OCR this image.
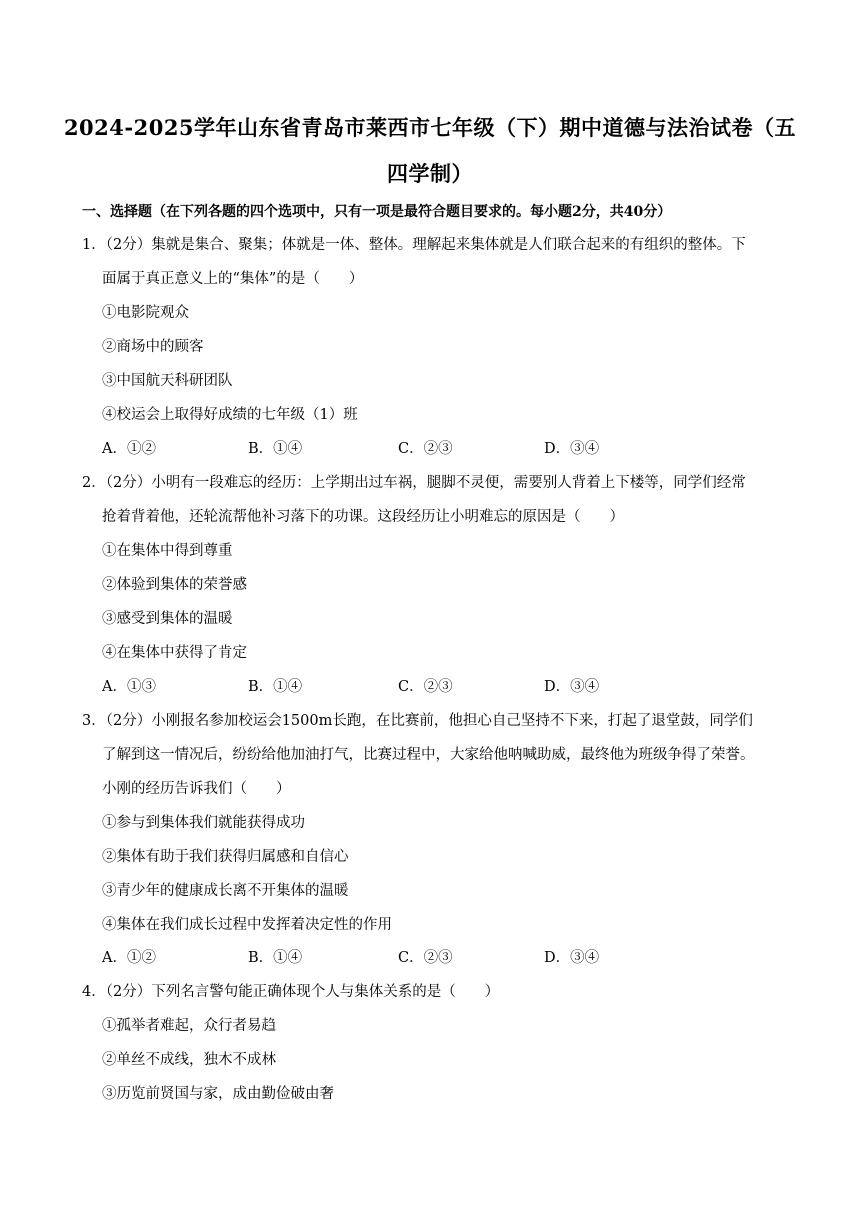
2024-2025学年山东省青岛市莱西市七年级（下）期中道德与法治试卷（五
四学制）
一、选择题（在下列各题的四个选项中，只有一项是最符合题目要求的。每小题2分，共40分）
1．（2分）集就是集合、聚集；体就是一体、整体。理解起来集体就是人们联合起来的有组织的整体。下
面属于真正意义上的“集体”的是（　　）
①电影院观众
②商场中的顾客
③中国航天科研团队
④校运会上取得好成绩的七年级（1）班
A．①②	B．①④	C．②③	D．③④
2．（2分）小明有一段难忘的经历：上学期出过车祸，腿脚不灵便，需要别人背着上下楼等，同学们经常
抢着背着他，还轮流帮他补习落下的功课。这段经历让小明难忘的原因是（　　）
①在集体中得到尊重
②体验到集体的荣誉感
③感受到集体的温暖
④在集体中获得了肯定
A．①③	B．①④	C．②③	D．③④
3．（2分）小刚报名参加校运会1500m长跑，在比赛前，他担心自己坚持不下来，打起了退堂鼓，同学们
了解到这一情况后，纷纷给他加油打气，比赛过程中，大家给他呐喊助威，最终他为班级争得了荣誉。
小刚的经历告诉我们（　　）
①参与到集体我们就能获得成功
②集体有助于我们获得归属感和自信心
③青少年的健康成长离不开集体的温暖
④集体在我们成长过程中发挥着决定性的作用
A．①②	B．①④	C．②③	D．③④
4．（2分）下列名言警句能正确体现个人与集体关系的是（　　）
①孤举者难起，众行者易趋
②单丝不成线，独木不成林
③历览前贤国与家，成由勤俭破由奢
